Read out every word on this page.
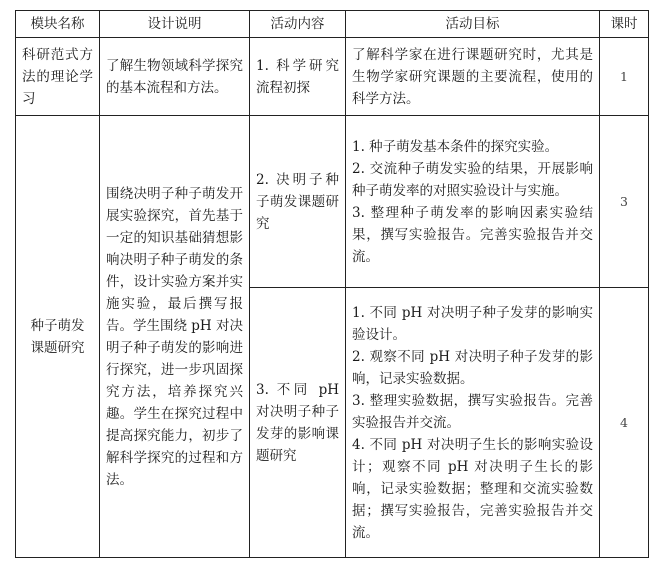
模块名称	设计说明	活动内容	活动目标	课时

科研范式方法的理论学习	了解生物领域科学探究的基本流程和方法。	1. 科学研究流程初探	了解科学家在进行课题研究时，尤其是生物学家研究课题的主要流程，使用的科学方法。	1

种子萌发课题研究	围绕决明子种子萌发开展实验探究，首先基于一定的知识基础猜想影响决明子种子萌发的条件，设计实验方案并实施实验，最后撰写报告。学生围绕 pH 对决明子种子萌发的影响进行探究，进一步巩固探究方法，培养探究兴趣。学生在探究过程中提高探究能力，初步了解科学探究的过程和方法。	2. 决明子种子萌发课题研究	1. 种子萌发基本条件的探究实验。
2. 交流种子萌发实验的结果，开展影响种子萌发率的对照实验设计与实施。
3. 整理种子萌发率的影响因素实验结果，撰写实验报告。完善实验报告并交流。	3

		3. 不同 pH 对决明子种子发芽的影响课题研究	1. 不同 pH 对决明子种子发芽的影响实验设计。
2. 观察不同 pH 对决明子种子发芽的影响，记录实验数据。
3. 整理实验数据，撰写实验报告。完善实验报告并交流。
4. 不同 pH 对决明子生长的影响实验设计；观察不同 pH 对决明子生长的影响，记录实验数据；整理和交流实验数据；撰写实验报告，完善实验报告并交流。	4
